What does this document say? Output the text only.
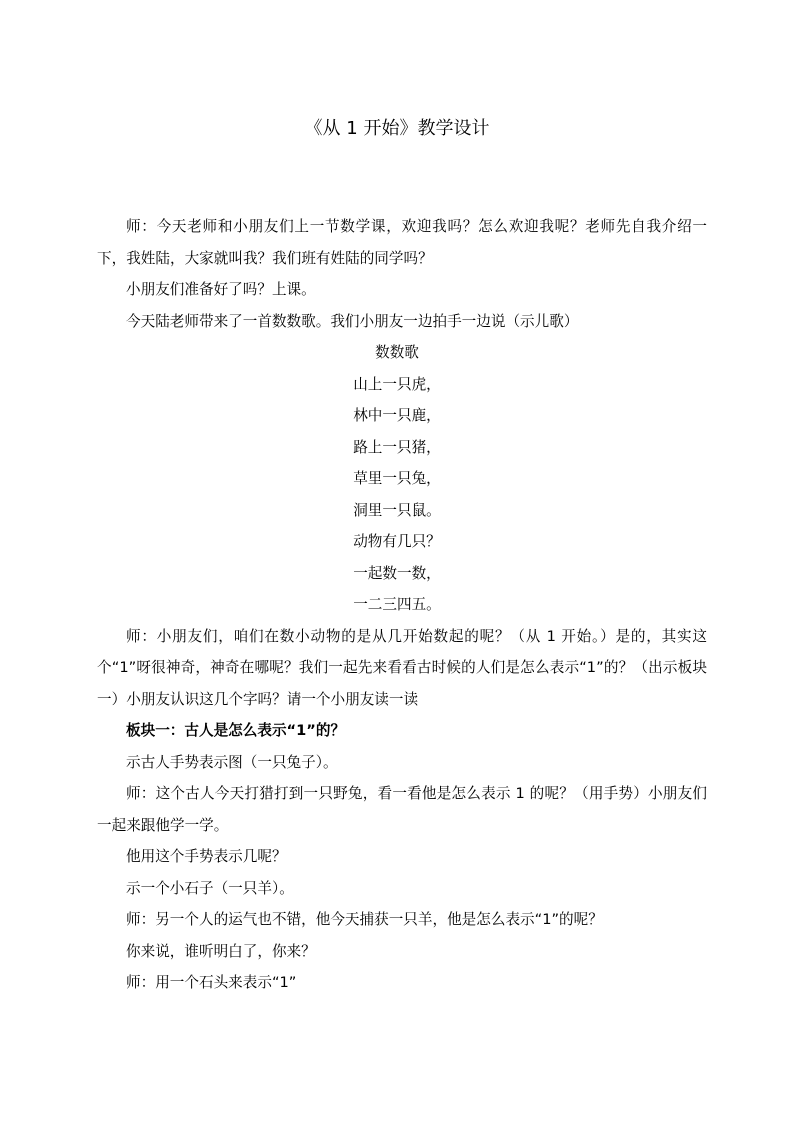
《从 1 开始》教学设计

师：今天老师和小朋友们上一节数学课，欢迎我吗？怎么欢迎我呢？老师先自我介绍一下，我姓陆，大家就叫我？我们班有姓陆的同学吗？

小朋友们准备好了吗？上课。

今天陆老师带来了一首数数歌。我们小朋友一边拍手一边说（示儿歌）

数数歌
山上一只虎，
林中一只鹿，
路上一只猪，
草里一只兔，
洞里一只鼠。
动物有几只？
一起数一数，
一二三四五。

师：小朋友们，咱们在数小动物的是从几开始数起的呢？（从 1 开始。）是的，其实这个“1”呀很神奇，神奇在哪呢？我们一起先来看看古时候的人们是怎么表示“1”的？（出示板块一）小朋友认识这几个字吗？请一个小朋友读一读

板块一：古人是怎么表示“1”的？

示古人手势表示图（一只兔子）。

师：这个古人今天打猎打到一只野兔，看一看他是怎么表示 1 的呢？（用手势）小朋友们一起来跟他学一学。

他用这个手势表示几呢？

示一个小石子（一只羊）。

师：另一个人的运气也不错，他今天捕获一只羊，他是怎么表示“1”的呢？

你来说，谁听明白了，你来？

师：用一个石头来表示“1”
